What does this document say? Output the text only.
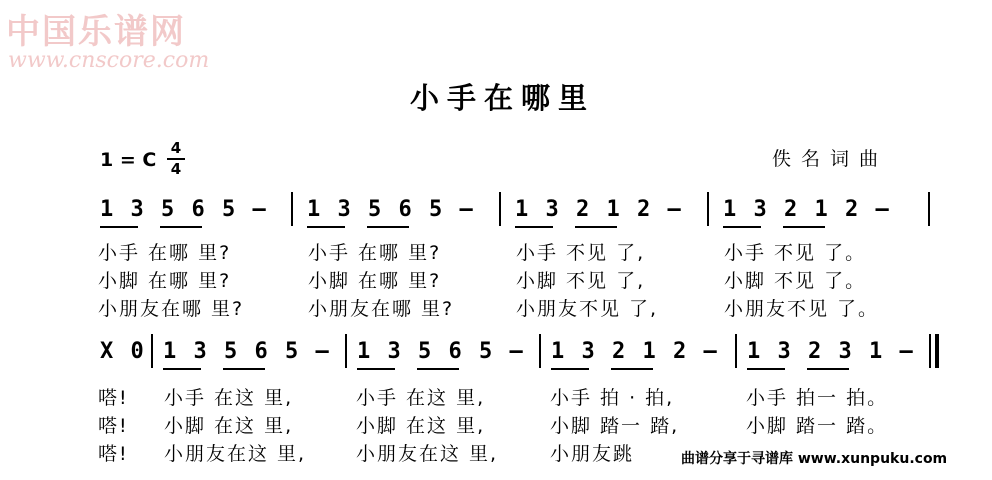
中国乐谱网
www.cnscore.com
小手在哪里
1 = C
4
4	佚名词曲
1 3 5 6 5 – 1 3 5 6 5 – 1 3 2 1 2 – 1 3 2 1 2 –
小手 在哪 里?	小手 在哪 里?	小手 不见 了,	小手 不见 了。
小脚 在哪 里?	小脚 在哪 里?	小脚 不见 了,	小脚 不见 了。
小朋友在哪 里?	小朋友在哪 里?	小朋友不见 了,	小朋友不见 了。
X 0 1 3 5 6 5 – 1 3 5 6 5 – 1 3 2 1 2 – 1 3 2 3 1 –
嗒! 小手 在这 里,	小手 在这 里,	小手 拍 · 拍,	小手 拍一 拍。
嗒! 小脚 在这 里,	小脚 在这 里,	小脚 踏一 踏,	小脚 踏一 踏。
嗒! 小朋友在这 里,	小朋友在这 里,	小朋友跳	曲谱分享于寻谱库 www.xunpuku.com
